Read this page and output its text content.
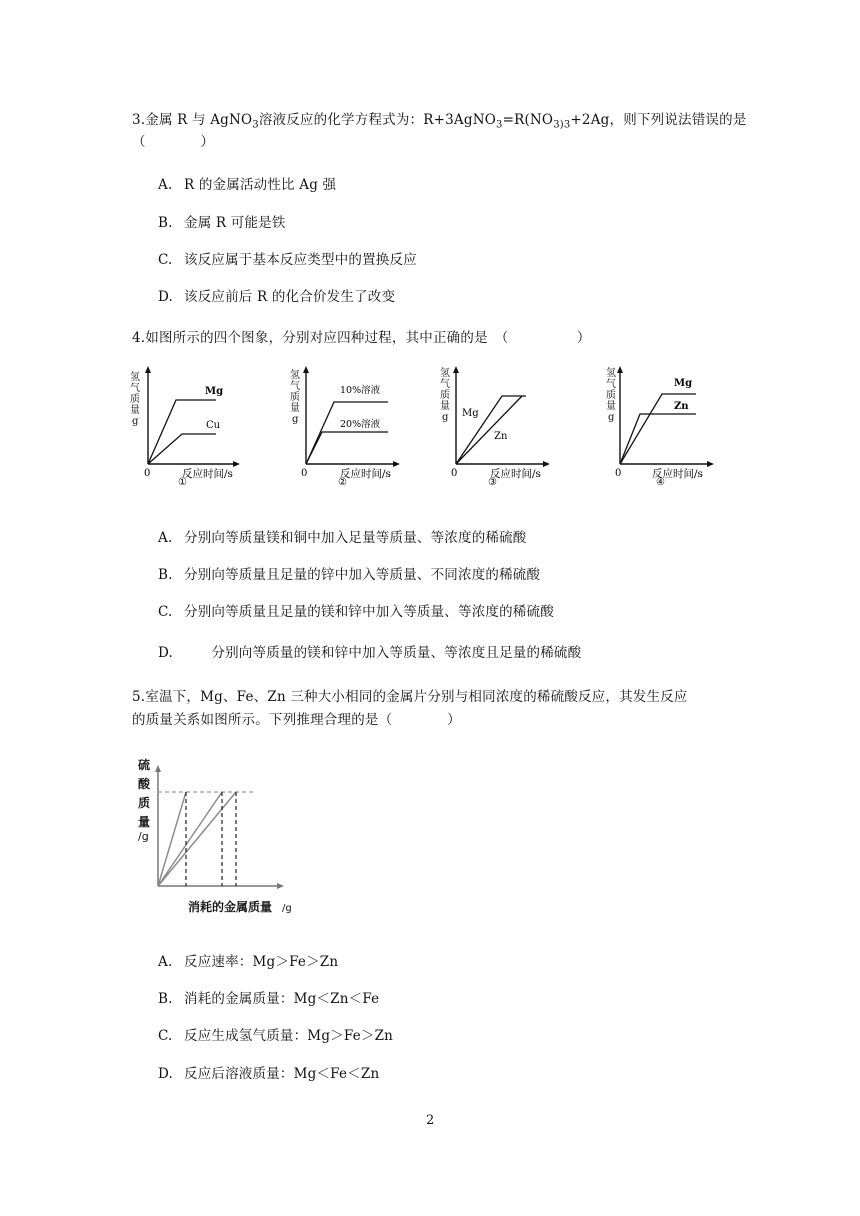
3.金属 R 与 AgNO$_3$溶液反应的化学方程式为：$R+3AgNO_3=R(NO_{3)3}+2Ag$，则下列说法错误的是
（　　　　）
A. R 的金属活动性比 Ag 强
B. 金属 R 可能是铁
C. 该反应属于基本反应类型中的置换反应
D. 该反应前后 R 的化合价发生了改变
4.如图所示的四个图象，分别对应四种过程，其中正确的是　（　　　　　）
氢
气
质
量
g
Mg
Cu
0	反应时间/s
①
氢
气
质
量
g
10%溶液
20%溶液
0	反应时间/s
②
氢
气
质
量
g Mg
Zn
0	反应时间/s
③
氢
气
质
量
g
Mg
Zn
0	反应时间/s
④
A. 分别向等质量镁和铜中加入足量等质量、等浓度的稀硫酸
B. 分别向等质量且足量的锌中加入等质量、不同浓度的稀硫酸
C. 分别向等质量且足量的镁和锌中加入等质量、等浓度的稀硫酸
D.　　分别向等质量的镁和锌中加入等质量、等浓度且足量的稀硫酸
5.室温下，Mg、Fe、Zn 三种大小相同的金属片分别与相同浓度的稀硫酸反应，其发生反应
的质量关系如图所示。下列推理合理的是（　　　　）
硫
酸
质
量
/g
消耗的金属质量 /g
A. 反应速率：Mg＞Fe＞Zn
B. 消耗的金属质量：Mg＜Zn＜Fe
C. 反应生成氢气质量：Mg＞Fe＞Zn
D. 反应后溶液质量：Mg＜Fe＜Zn
2
